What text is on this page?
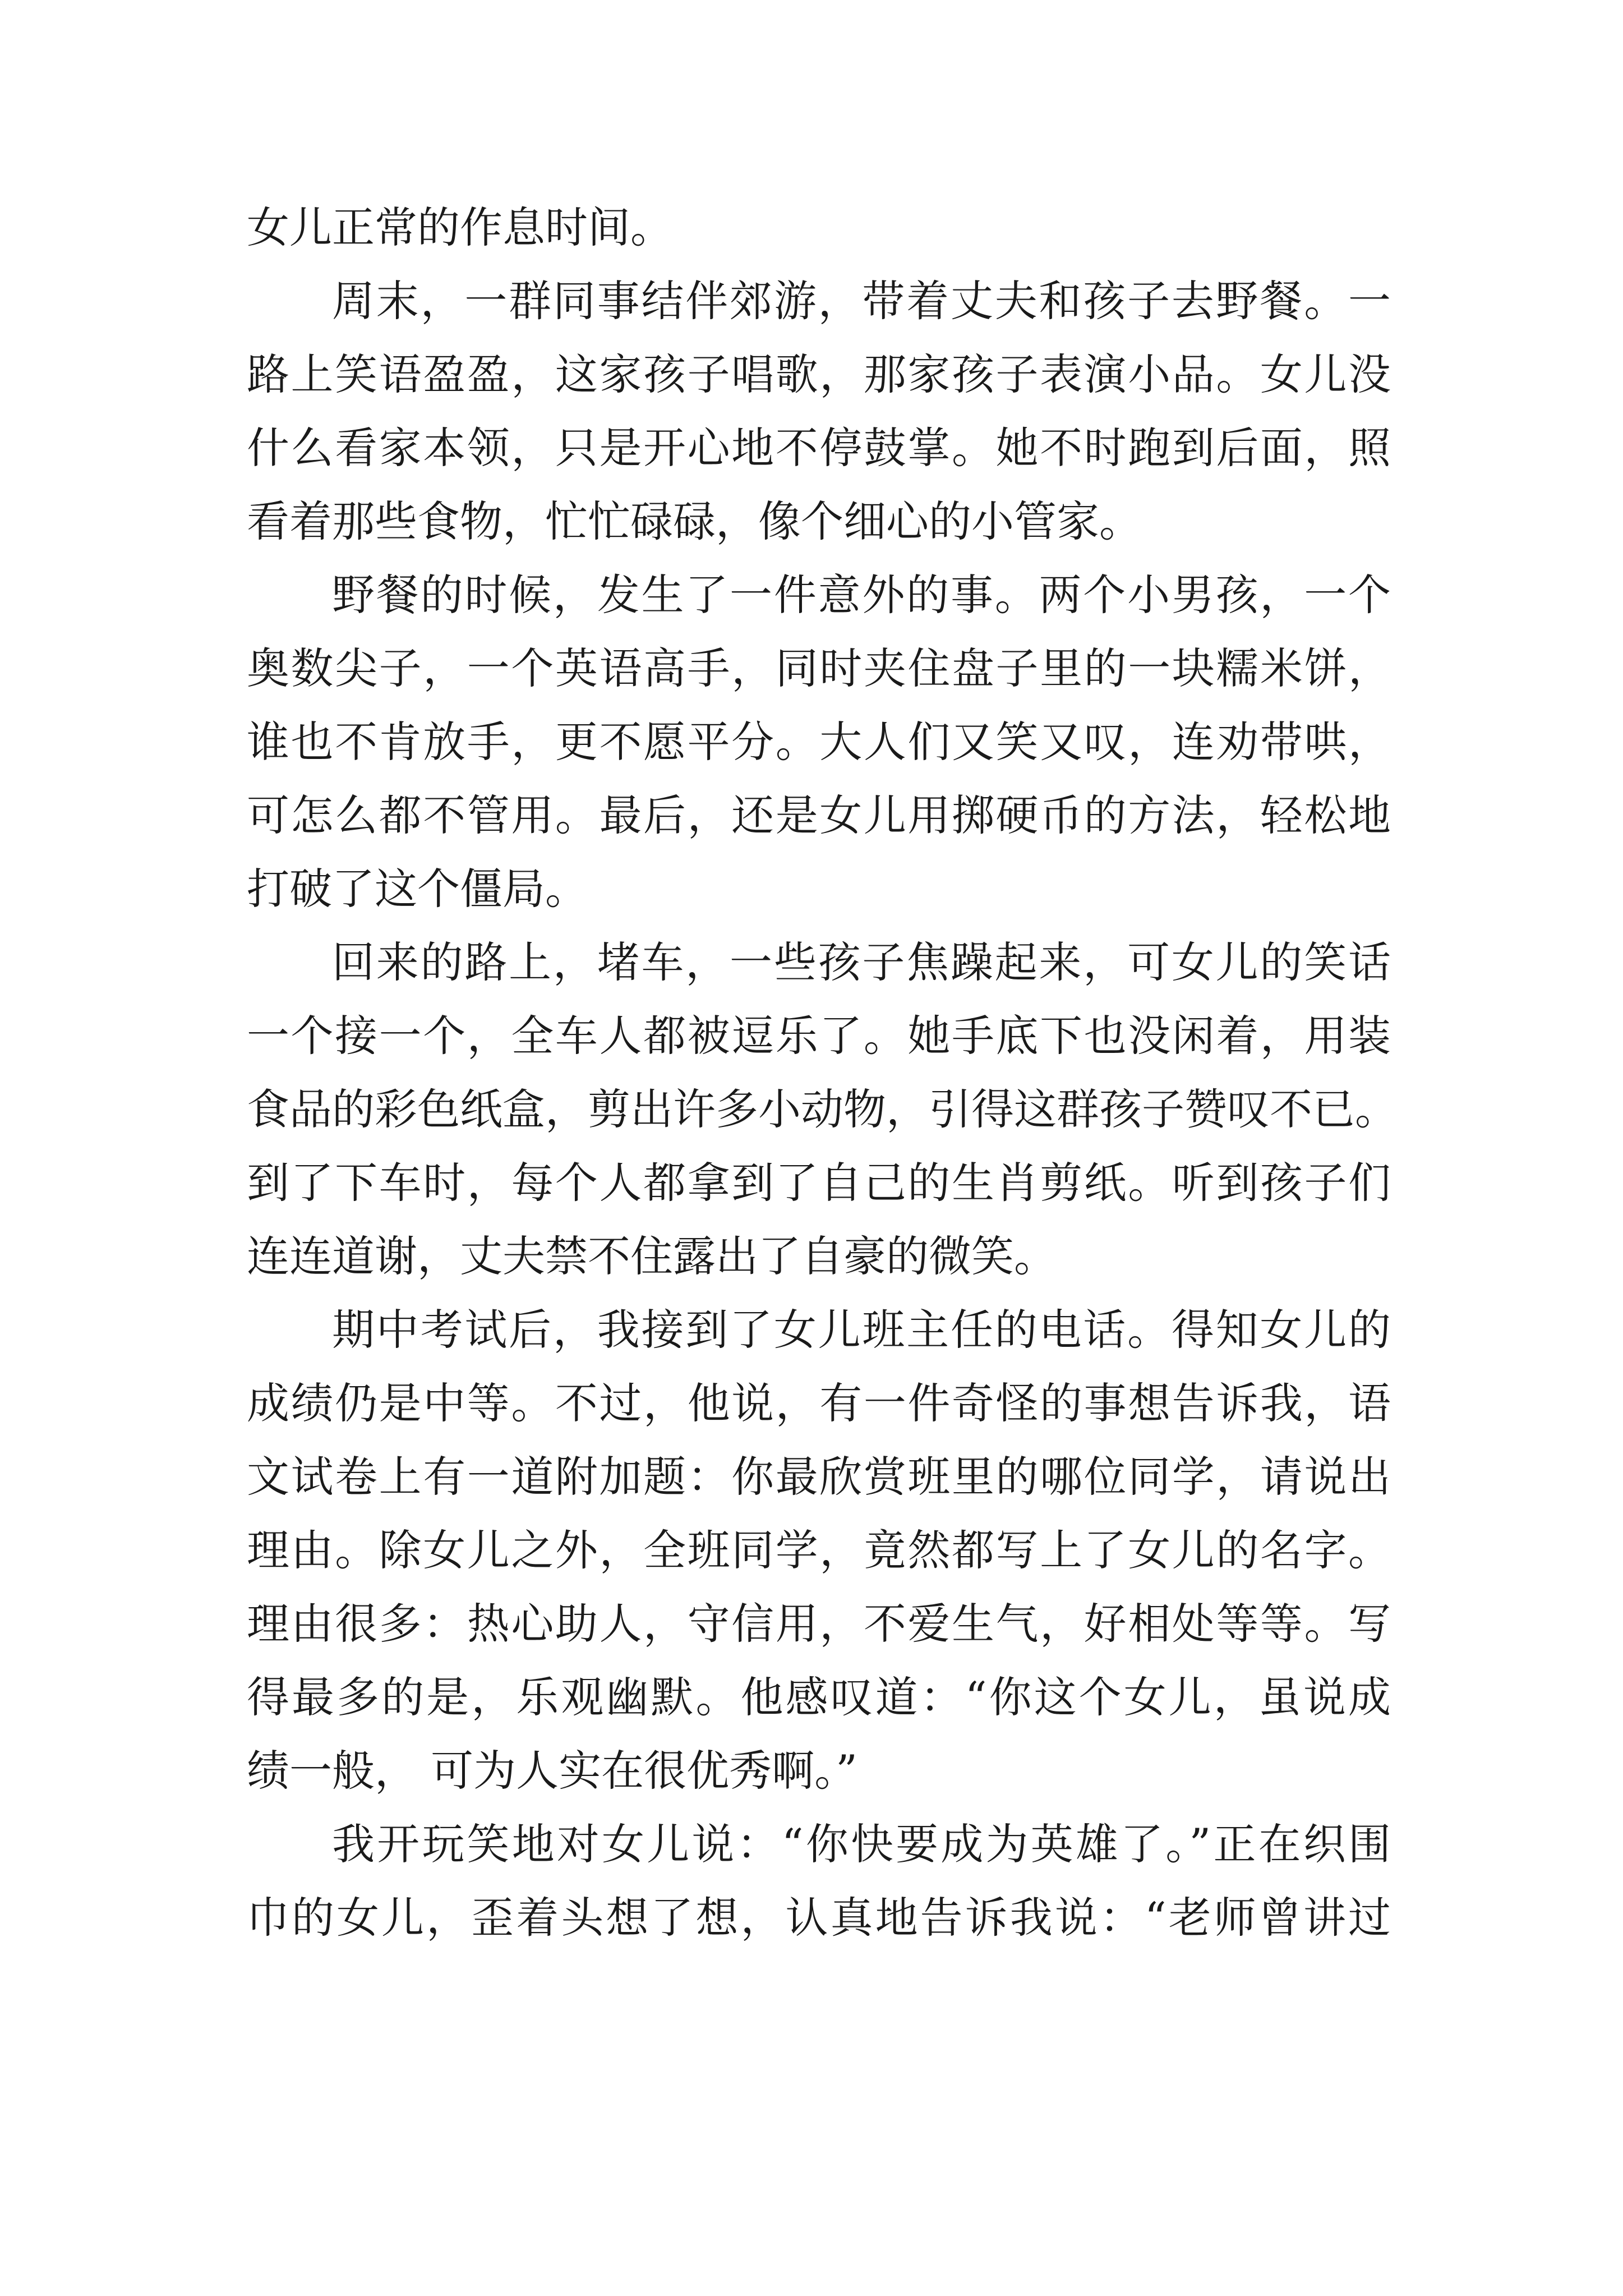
女儿正常的作息时间。
周末，一群同事结伴郊游，带着丈夫和孩子去野餐。一
路上笑语盈盈，这家孩子唱歌，那家孩子表演小品。女儿没
什么看家本领，只是开心地不停鼓掌。她不时跑到后面，照
看着那些食物，忙忙碌碌，像个细心的小管家。
野餐的时候，发生了一件意外的事。两个小男孩，一个
奥数尖子，一个英语高手，同时夹住盘子里的一块糯米饼，
谁也不肯放手，更不愿平分。大人们又笑又叹，连劝带哄，
可怎么都不管用。最后，还是女儿用掷硬币的方法，轻松地
打破了这个僵局。
回来的路上，堵车，一些孩子焦躁起来，可女儿的笑话
一个接一个，全车人都被逗乐了。她手底下也没闲着，用装
食品的彩色纸盒，剪出许多小动物，引得这群孩子赞叹不已。
到了下车时，每个人都拿到了自己的生肖剪纸。听到孩子们
连连道谢，丈夫禁不住露出了自豪的微笑。
期中考试后，我接到了女儿班主任的电话。得知女儿的
成绩仍是中等。不过，他说，有一件奇怪的事想告诉我，语
文试卷上有一道附加题：你最欣赏班里的哪位同学，请说出
理由。除女儿之外，全班同学，竟然都写上了女儿的名字。
理由很多：热心助人，守信用，不爱生气，好相处等等。写
得最多的是，乐观幽默。他感叹道：“你这个女儿，虽说成
绩一般， 可为人实在很优秀啊。”
我开玩笑地对女儿说：“你快要成为英雄了。”正在织围
巾的女儿，歪着头想了想，认真地告诉我说：“老师曾讲过
